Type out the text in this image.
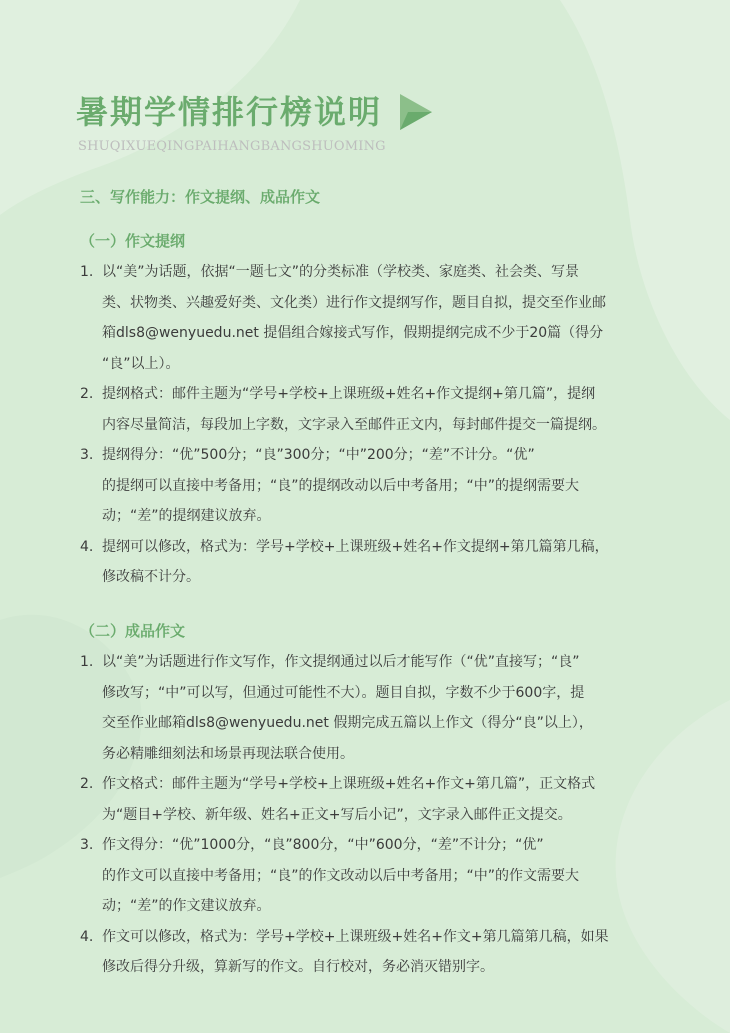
暑期学情排行榜说明
SHUQIXUEQINGPAIHANGBANGSHUOMING
三、写作能力：作文提纲、成品作文
（一）作文提纲
1. 以“美”为话题，依据“一题七文”的分类标准（学校类、家庭类、社会类、写景
类、状物类、兴趣爱好类、文化类）进行作文提纲写作，题目自拟，提交至作业邮
箱dls8@wenyuedu.net 提倡组合嫁接式写作，假期提纲完成不少于20篇（得分
“良”以上）。
2. 提纲格式：邮件主题为“学号+学校+上课班级+姓名+作文提纲+第几篇”，提纲
内容尽量简洁，每段加上字数，文字录入至邮件正文内，每封邮件提交一篇提纲。
3. 提纲得分：“优”500分；“良”300分；“中”200分；“差”不计分。“优”
的提纲可以直接中考备用；“良”的提纲改动以后中考备用；“中”的提纲需要大
动；“差”的提纲建议放弃。
4. 提纲可以修改，格式为：学号+学校+上课班级+姓名+作文提纲+第几篇第几稿，
修改稿不计分。
（二）成品作文
1. 以“美”为话题进行作文写作，作文提纲通过以后才能写作（“优”直接写；“良”
修改写；“中”可以写，但通过可能性不大）。题目自拟，字数不少于600字，提
交至作业邮箱dls8@wenyuedu.net 假期完成五篇以上作文（得分“良”以上），
务必精雕细刻法和场景再现法联合使用。
2. 作文格式：邮件主题为“学号+学校+上课班级+姓名+作文+第几篇”，正文格式
为“题目+学校、新年级、姓名+正文+写后小记”，文字录入邮件正文提交。
3. 作文得分：“优”1000分，“良”800分，“中”600分，“差”不计分；“优”
的作文可以直接中考备用；“良”的作文改动以后中考备用；“中”的作文需要大
动；“差”的作文建议放弃。
4. 作文可以修改，格式为：学号+学校+上课班级+姓名+作文+第几篇第几稿，如果
修改后得分升级，算新写的作文。自行校对，务必消灭错别字。
